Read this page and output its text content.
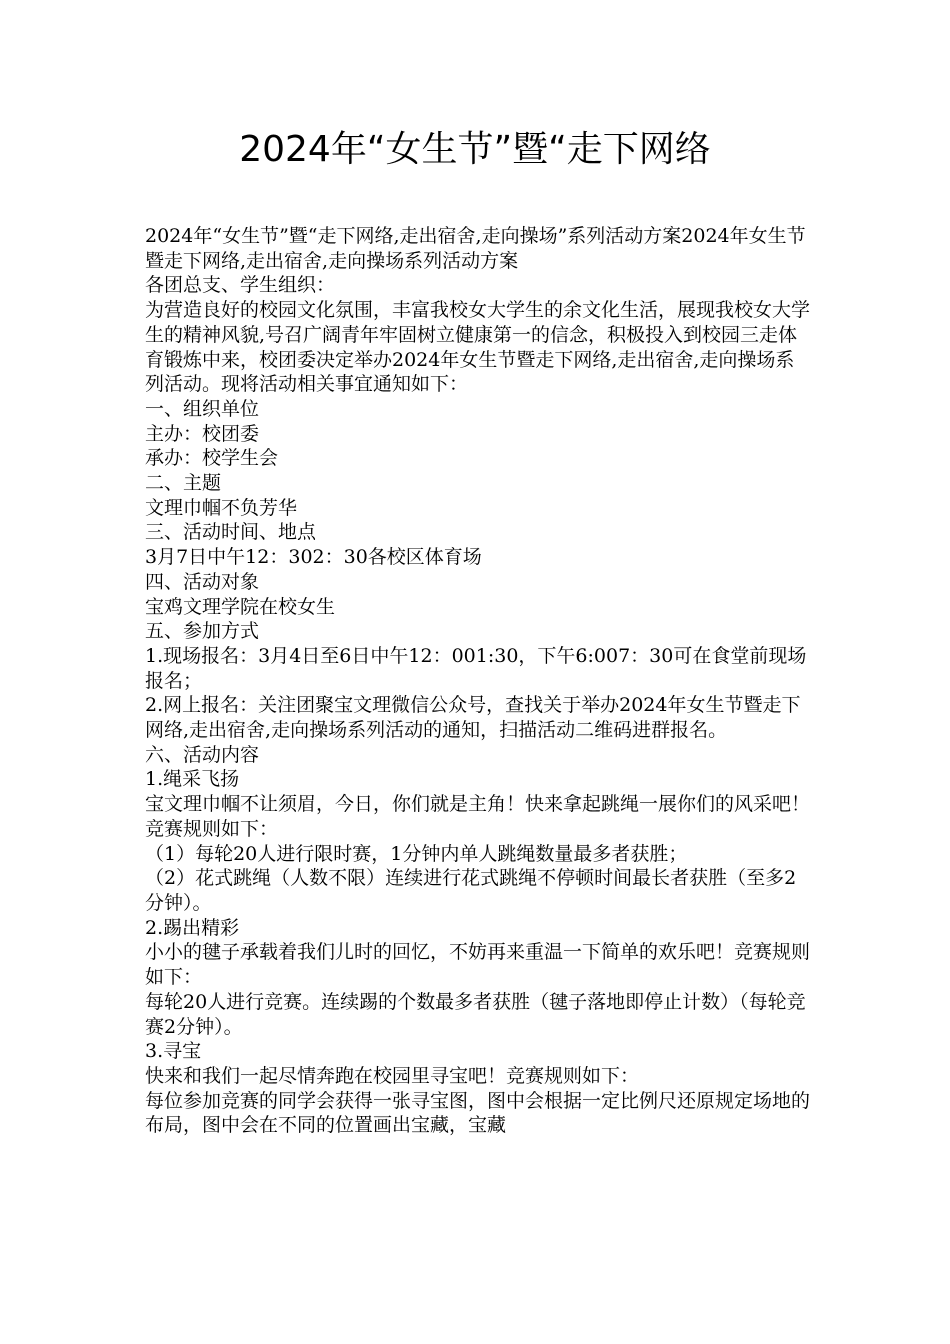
2024年“女生节”暨“走下网络

2024年“女生节”暨“走下网络,走出宿舍,走向操场”系列活动方案2024年女生节暨走下网络,走出宿舍,走向操场系列活动方案

各团总支、学生组织：

为营造良好的校园文化氛围，丰富我校女大学生的余文化生活，展现我校女大学生的精神风貌,号召广阔青年牢固树立健康第一的信念，积极投入到校园三走体育锻炼中来，校团委决定举办2024年女生节暨走下网络,走出宿舍,走向操场系列活动。现将活动相关事宜通知如下：

一、组织单位

主办：校团委

承办：校学生会

二、主题

文理巾帼不负芳华

三、活动时间、地点

3月7日中午12：302：30各校区体育场

四、活动对象

宝鸡文理学院在校女生

五、参加方式

1.现场报名：3月4日至6日中午12：001:30，下午6:007：30可在食堂前现场报名；

2.网上报名：关注团聚宝文理微信公众号，查找关于举办2024年女生节暨走下网络,走出宿舍,走向操场系列活动的通知，扫描活动二维码进群报名。

六、活动内容

1.绳采飞扬

宝文理巾帼不让须眉，今日，你们就是主角！快来拿起跳绳一展你们的风采吧！竞赛规则如下：

（1）每轮20人进行限时赛，1分钟内单人跳绳数量最多者获胜；

（2）花式跳绳（人数不限）连续进行花式跳绳不停顿时间最长者获胜（至多2分钟）。

2.踢出精彩

小小的毽子承载着我们儿时的回忆，不妨再来重温一下简单的欢乐吧！竞赛规则如下：

每轮20人进行竞赛。连续踢的个数最多者获胜（毽子落地即停止计数）（每轮竞赛2分钟）。

3.寻宝

快来和我们一起尽情奔跑在校园里寻宝吧！竞赛规则如下：

每位参加竞赛的同学会获得一张寻宝图，图中会根据一定比例尺还原规定场地的布局，图中会在不同的位置画出宝藏，宝藏
